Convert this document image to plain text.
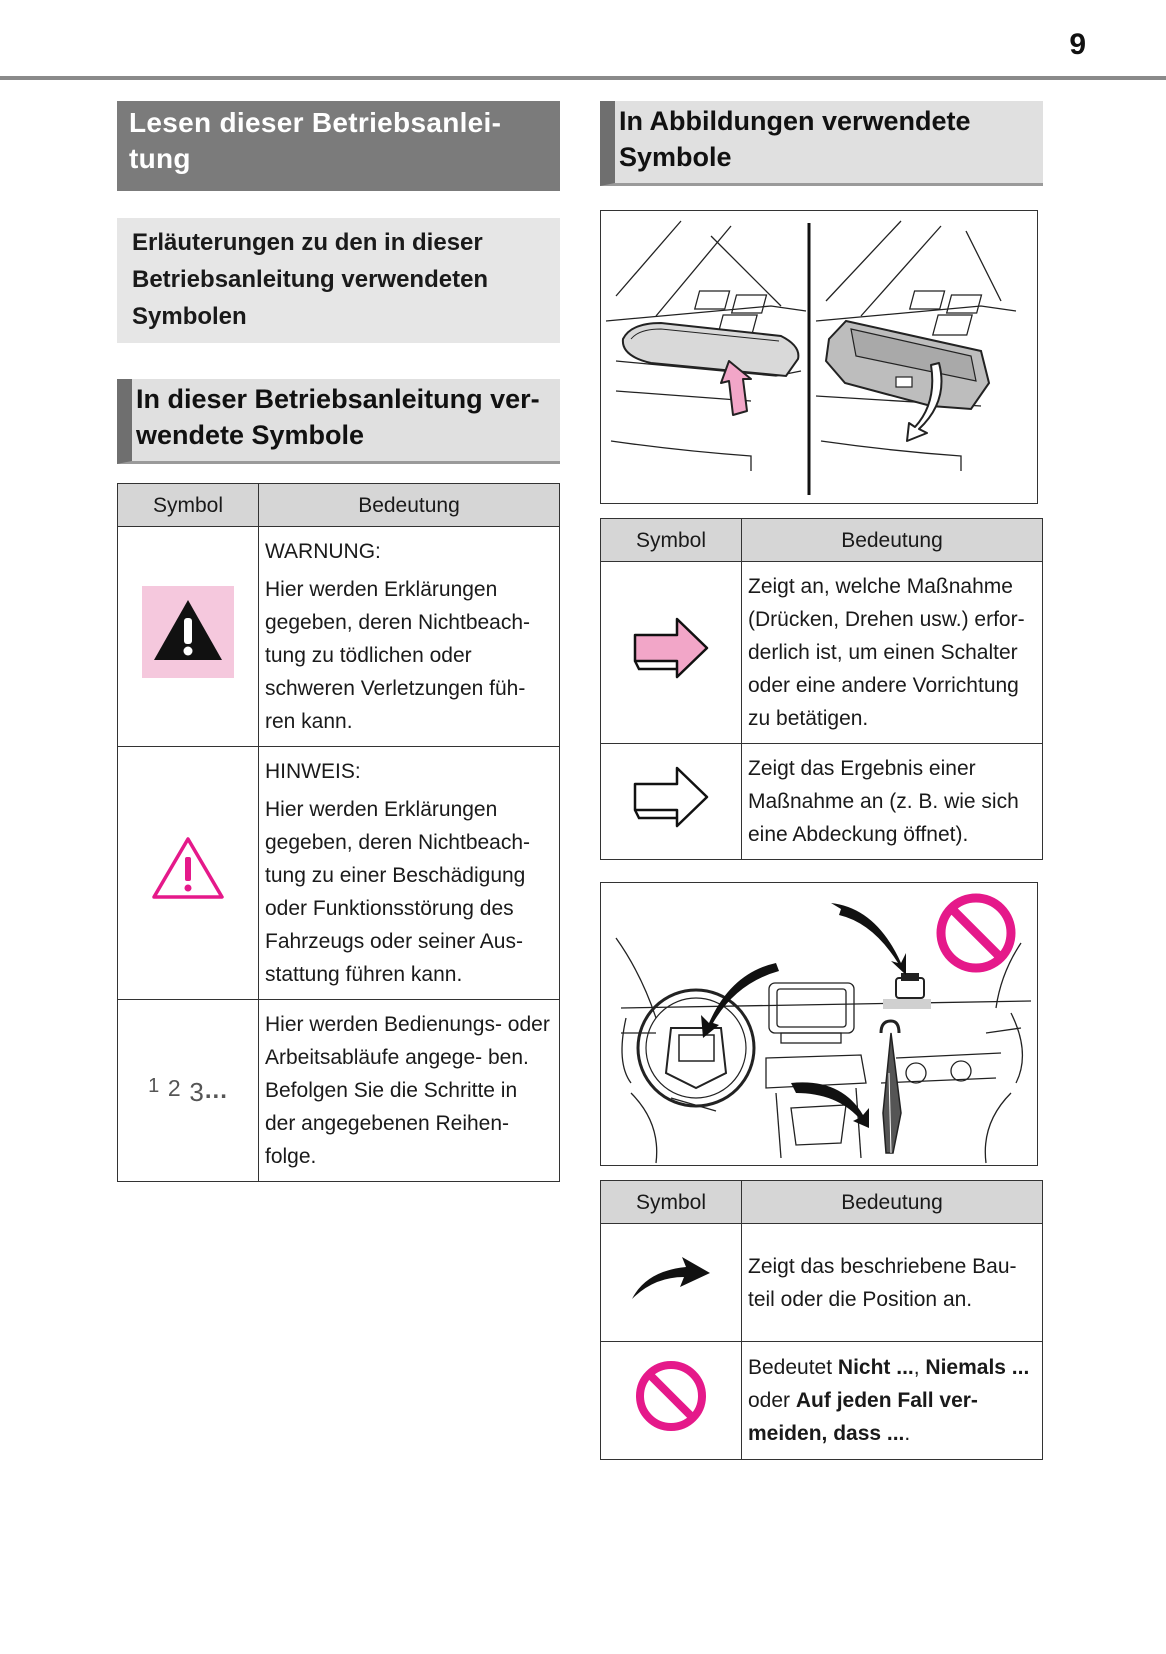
9
Lesen dieser Betriebsanlei- tung
Erläuterungen zu den in dieser Betriebsanleitung verwendeten Symbolen
In dieser Betriebsanleitung ver- wendete Symbole
Symbol	Bedeutung

WARNUNG:

Hier werden Erklärungen gegeben, deren Nichtbeach- tung zu tödlichen oder schweren Verletzungen füh- ren kann.

HINWEIS:

Hier werden Erklärungen gegeben, deren Nichtbeach- tung zu einer Beschädigung oder Funktionsstörung des Fahrzeugs oder seiner Aus- stattung führen kann.

1 2 3...	Hier werden Bedienungs- oder Arbeitsabläufe angege- ben. Befolgen Sie die Schritte in der angegebenen Reihen- folge.

In Abbildungen verwendete Symbole
Symbol	Bedeutung

Zeigt an, welche Maßnahme (Drücken, Drehen usw.) erfor- derlich ist, um einen Schalter oder eine andere Vorrichtung zu betätigen.

Zeigt das Ergebnis einer Maßnahme an (z. B. wie sich eine Abdeckung öffnet).

Symbol	Bedeutung

Zeigt das beschriebene Bau- teil oder die Position an.

Bedeutet Nicht ..., Niemals ... oder Auf jeden Fall ver- meiden, dass ....
